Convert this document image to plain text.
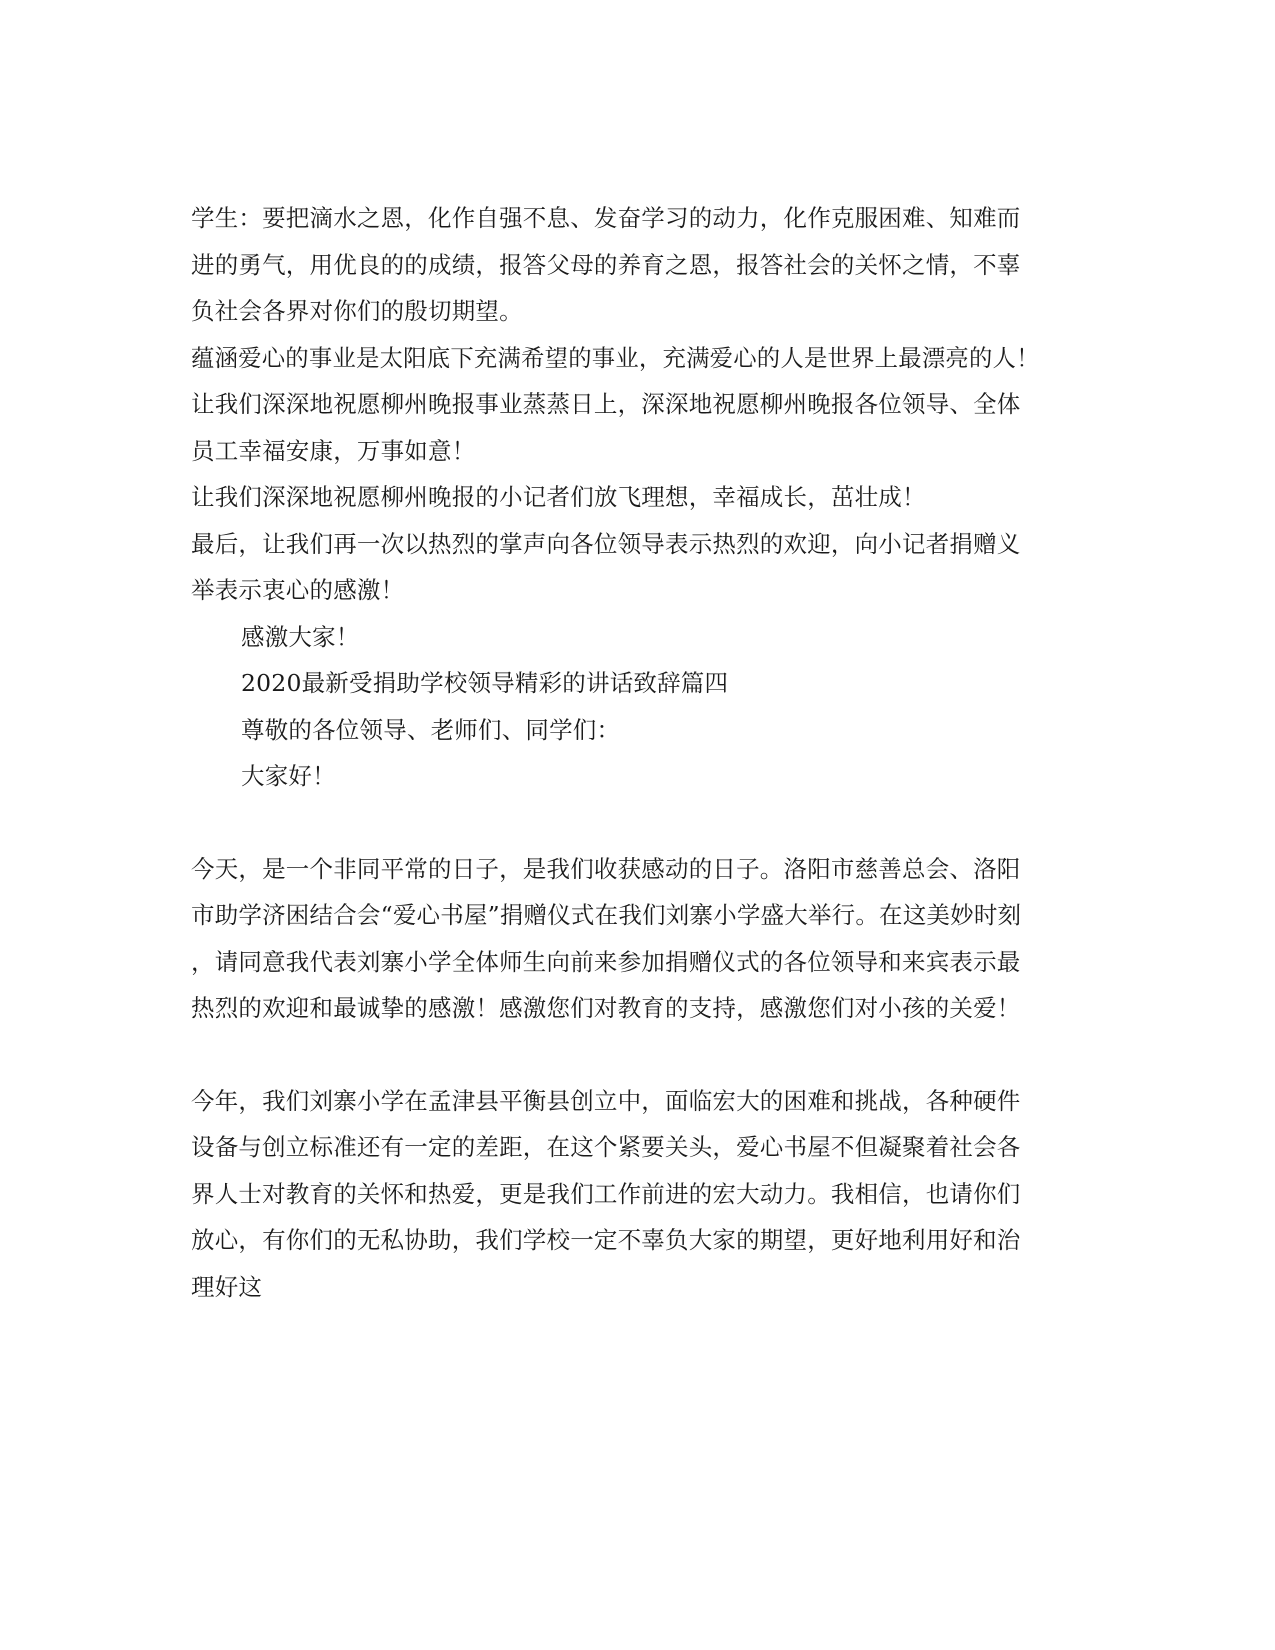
学生：要把滴水之恩，化作自强不息、发奋学习的动力，化作克服困难、知难而
进的勇气，用优良的的成绩，报答父母的养育之恩，报答社会的关怀之情，不辜
负社会各界对你们的殷切期望。
蕴涵爱心的事业是太阳底下充满希望的事业，充满爱心的人是世界上最漂亮的人！
让我们深深地祝愿柳州晚报事业蒸蒸日上，深深地祝愿柳州晚报各位领导、全体
员工幸福安康，万事如意！
让我们深深地祝愿柳州晚报的小记者们放飞理想，幸福成长，茁壮成！
最后，让我们再一次以热烈的掌声向各位领导表示热烈的欢迎，向小记者捐赠义
举表示衷心的感激！
感激大家！
2020最新受捐助学校领导精彩的讲话致辞篇四
尊敬的各位领导、老师们、同学们：
大家好！
今天，是一个非同平常的日子，是我们收获感动的日子。洛阳市慈善总会、洛阳
市助学济困结合会“爱心书屋”捐赠仪式在我们刘寨小学盛大举行。在这美妙时刻
，请同意我代表刘寨小学全体师生向前来参加捐赠仪式的各位领导和来宾表示最
热烈的欢迎和最诚挚的感激！感激您们对教育的支持，感激您们对小孩的关爱！
今年，我们刘寨小学在孟津县平衡县创立中，面临宏大的困难和挑战，各种硬件
设备与创立标准还有一定的差距，在这个紧要关头，爱心书屋不但凝聚着社会各
界人士对教育的关怀和热爱，更是我们工作前进的宏大动力。我相信，也请你们
放心，有你们的无私协助，我们学校一定不辜负大家的期望，更好地利用好和治
理好这
